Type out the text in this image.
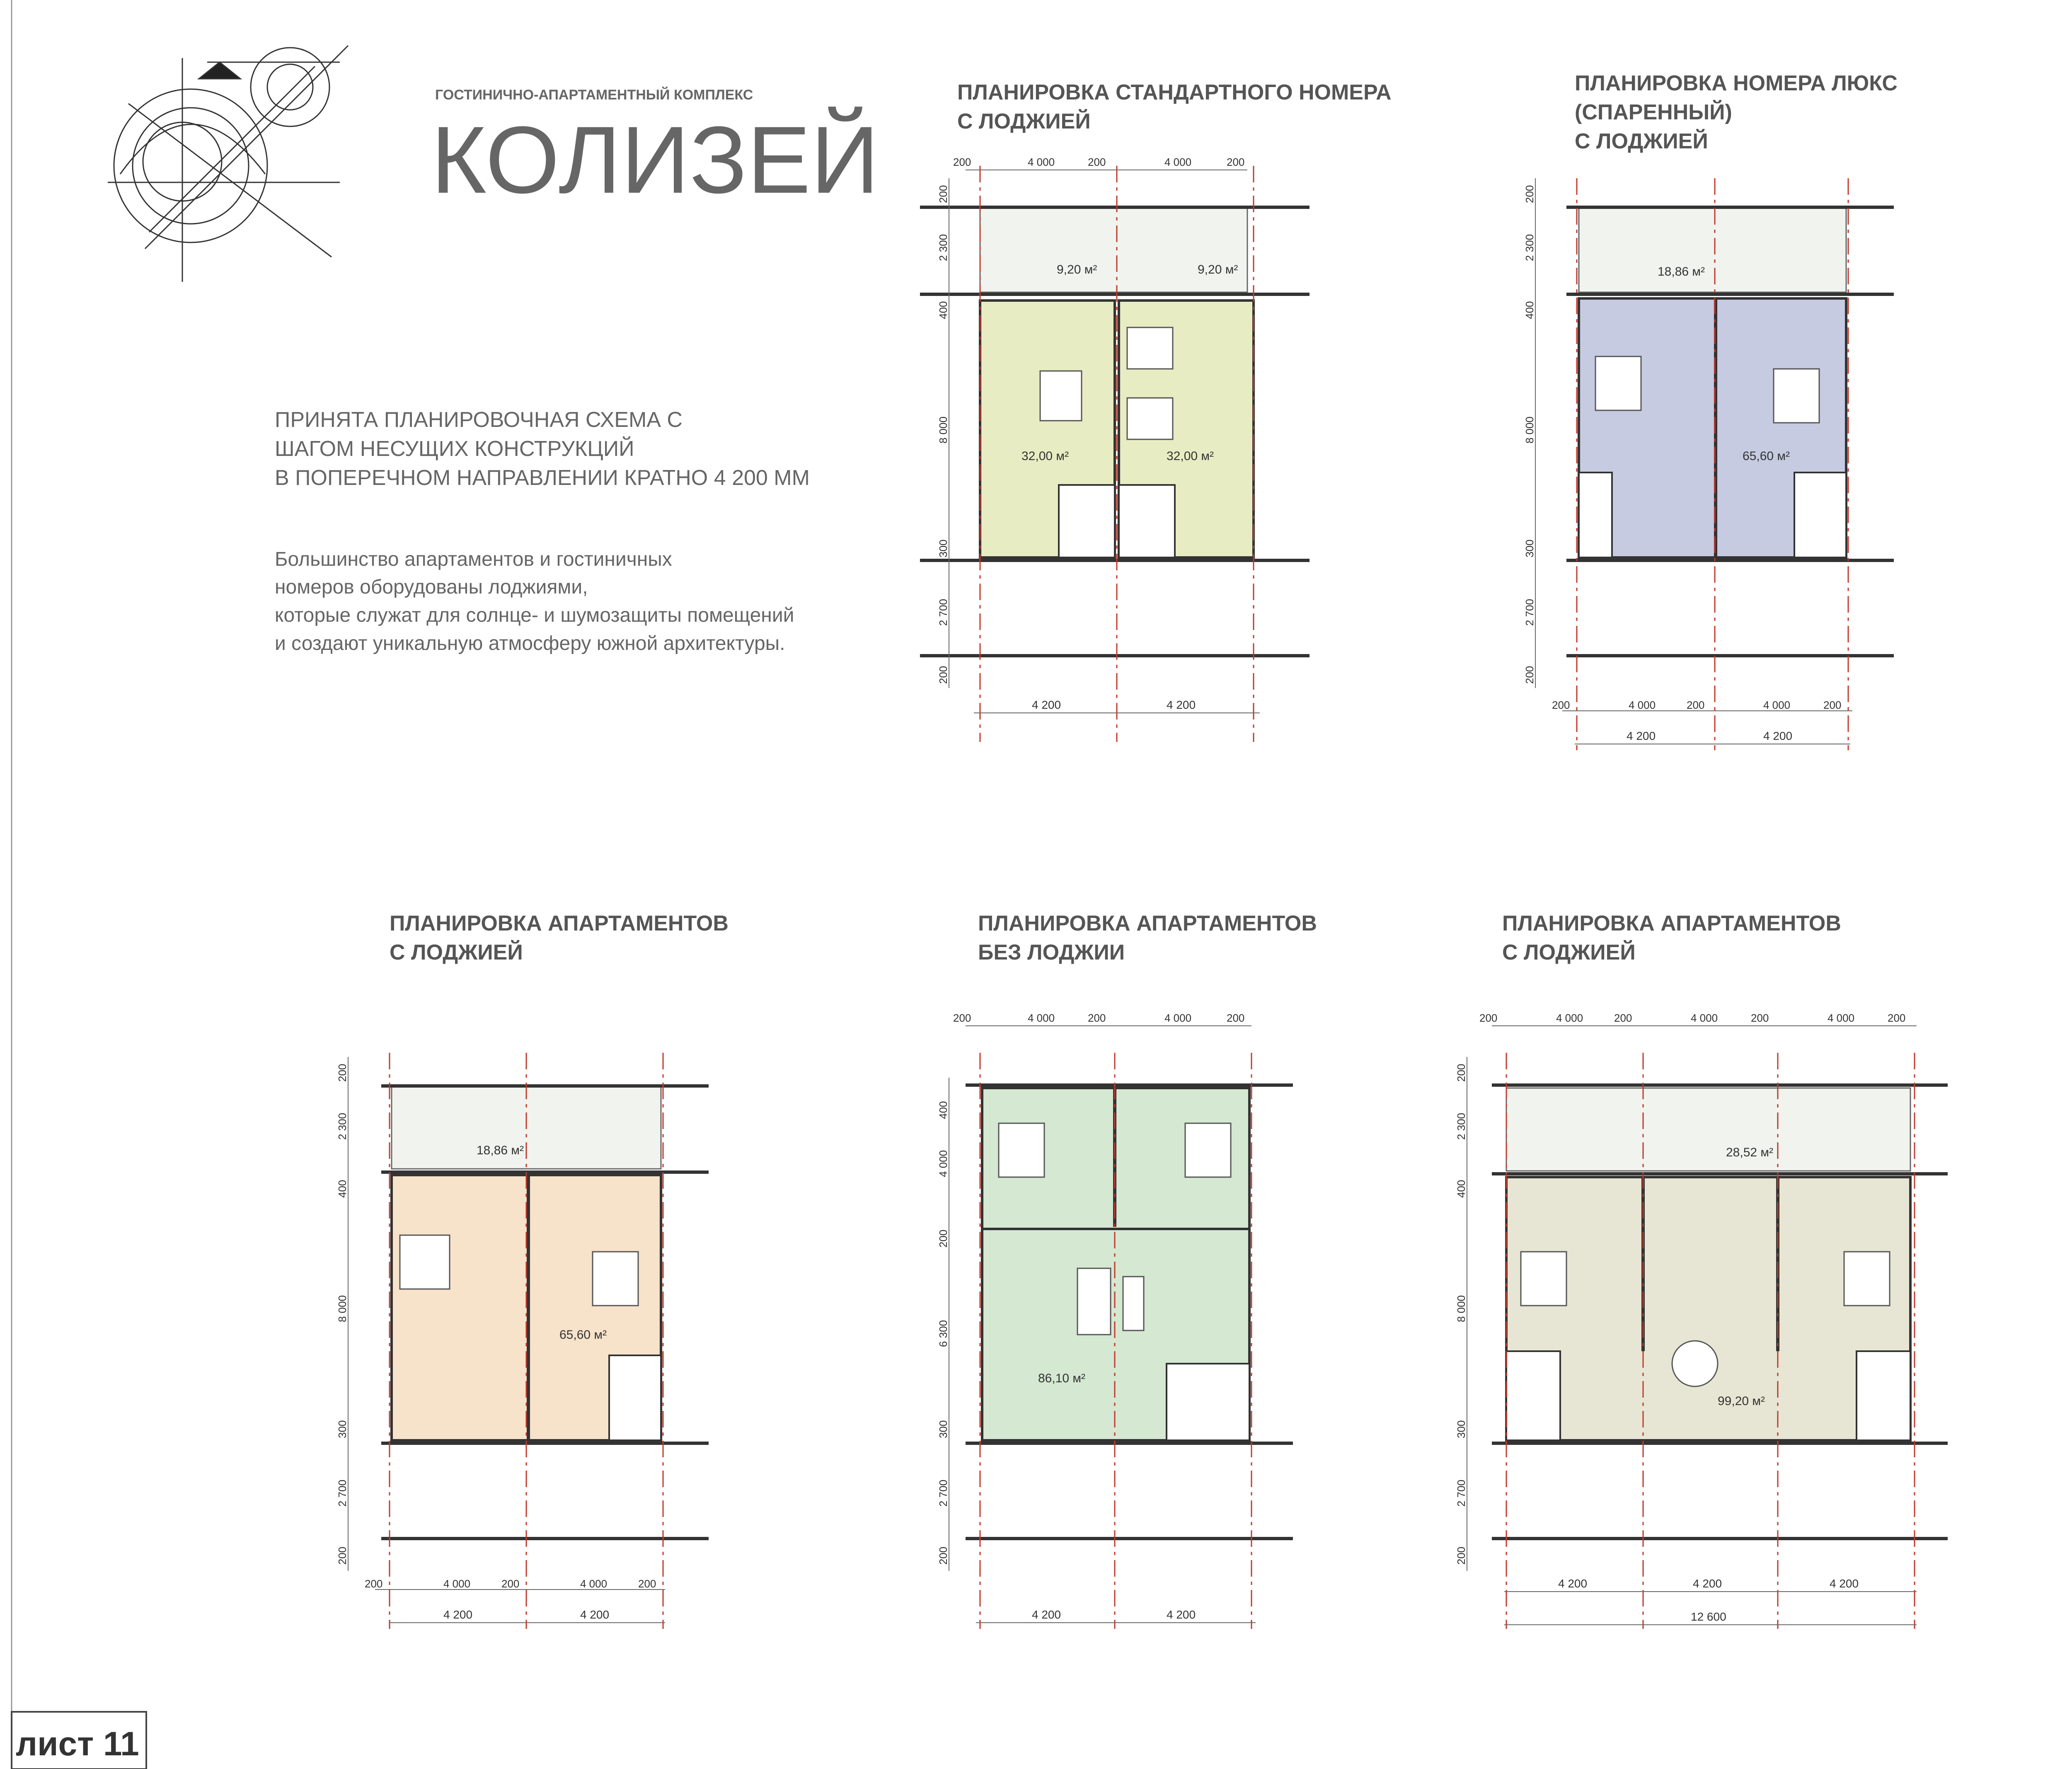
ГОСТИНИЧНО-АПАРТАМЕНТНЫЙ КОМПЛЕКС
КОЛИЗЕЙ
ПРИНЯТА ПЛАНИРОВОЧНАЯ СХЕМА С
ШАГОМ НЕСУЩИХ КОНСТРУКЦИЙ
В ПОПЕРЕЧНОМ НАПРАВЛЕНИИ КРАТНО 4 200 ММ
Большинство апартаментов и гостиничных
номеров оборудованы лоджиями,
которые служат для солнце- и шумозащиты помещений
и создают уникальную атмосферу южной архитектуры.
ПЛАНИРОВКА СТАНДАРТНОГО НОМЕРА
С ЛОДЖИЕЙ
9,20 м²	9,20 м²
32,00 м²	32,00 м²
200	4 000	200	4 000	200
200
2 300
400
8 000
300
2 700
200
4 200	4 200
ПЛАНИРОВКА НОМЕРА ЛЮКС
(СПАРЕННЫЙ)
С ЛОДЖИЕЙ
18,86 м²
65,60 м²
200
2 300
400
8 000
300
2 700
200
200	4 000	200	4 000	200
4 200	4 200
ПЛАНИРОВКА АПАРТАМЕНТОВ
С ЛОДЖИЕЙ
18,86 м²
65,60 м²
200
2 300
400
8 000
300
2 700
200
200	4 000	200	4 000	200
4 200	4 200
ПЛАНИРОВКА АПАРТАМЕНТОВ
БЕЗ ЛОДЖИИ
86,10 м²
200	4 000	200	4 000	200
400
4 000
200
6 300
300
2 700
200
4 200	4 200
ПЛАНИРОВКА АПАРТАМЕНТОВ
С ЛОДЖИЕЙ
28,52 м²
99,20 м²
200	4 000	200	4 000	200	4 000	200
200
2 300
400
8 000
300
2 700
200
4 200	4 200	4 200
12 600
лист 11
